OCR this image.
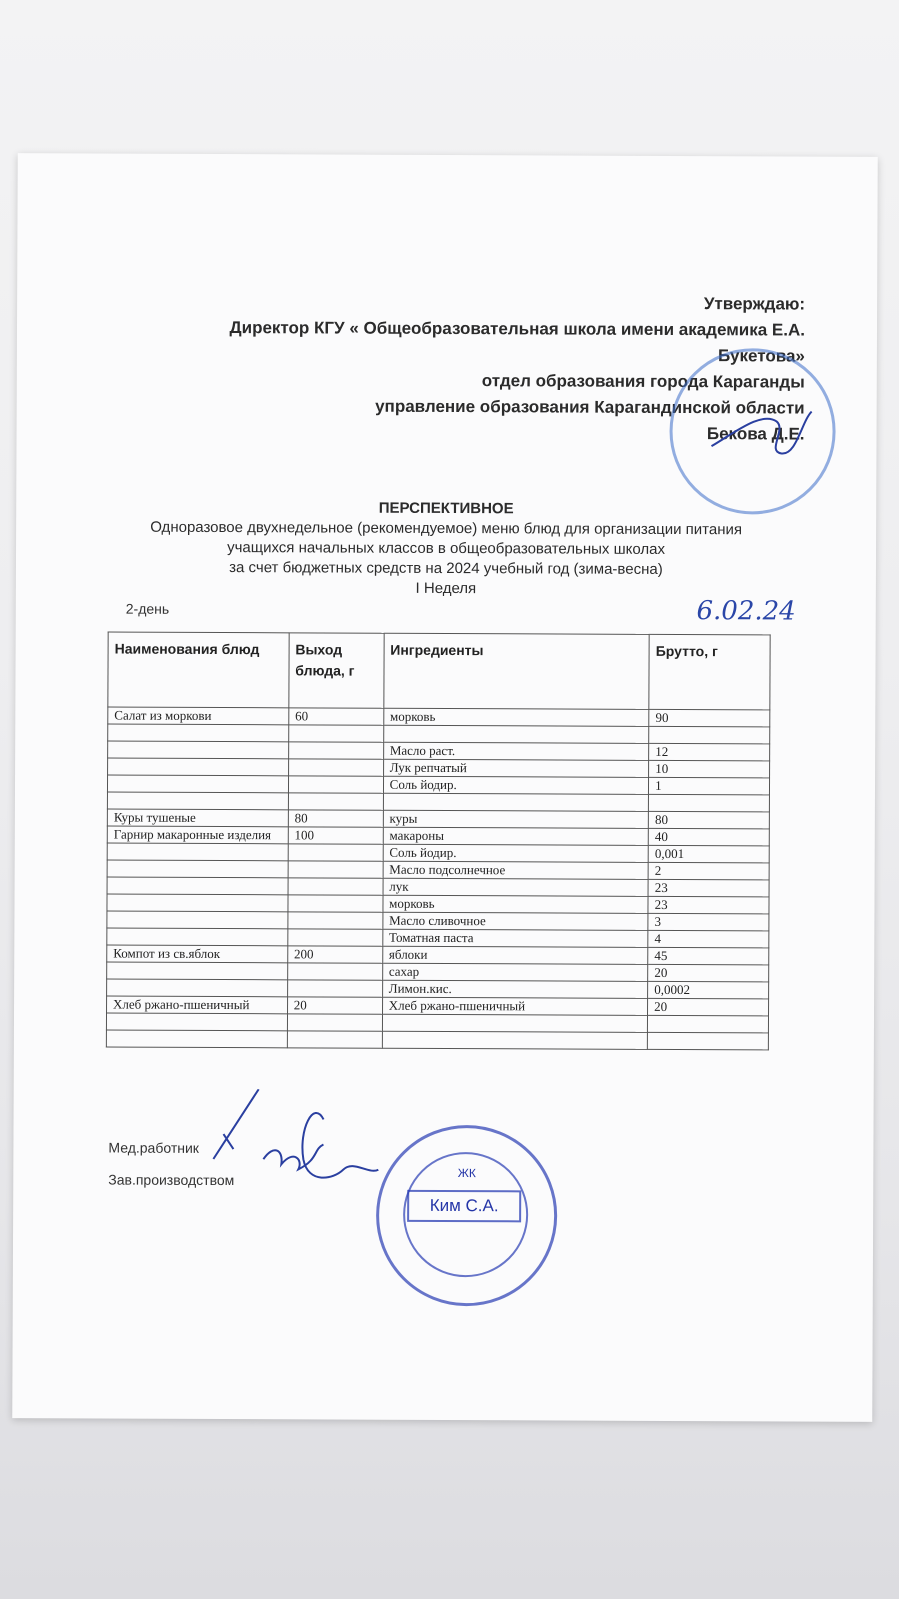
Утверждаю:
Директор КГУ « Общеобразовательная школа имени академика Е.А.
Букетова»
отдел образования города Караганды
управление образования Карагандинской области
Бекова Д.Е.
ПЕРСПЕКТИВНОЕ
Одноразовое двухнедельное (рекомендуемое) меню блюд для организации питания
учащихся начальных классов в общеобразовательных школах
за счет бюджетных средств на 2024 учебный год (зима-весна)
I Неделя
2-день	6.02.24
Наименования блюд	Выход блюда, г	Ингредиенты	Брутто, г
Салат из моркови	60	морковь	90

		Масло раст.	12
		Лук репчатый	10
		Соль йодир.	1

Куры тушеные	80	куры	80
Гарнир макаронные изделия	100	макароны	40
		Соль йодир.	0,001
		Масло подсолнечное	2
		лук	23
		морковь	23
		Масло сливочное	3
		Томатная паста	4
Компот из св.яблок	200	яблоки	45
		сахар	20
		Лимон.кис.	0,0002
Хлеб ржано-пшеничный	20	Хлеб ржано-пшеничный	20

Мед.работник
Зав.производством	ЖК
Ким С.А.
